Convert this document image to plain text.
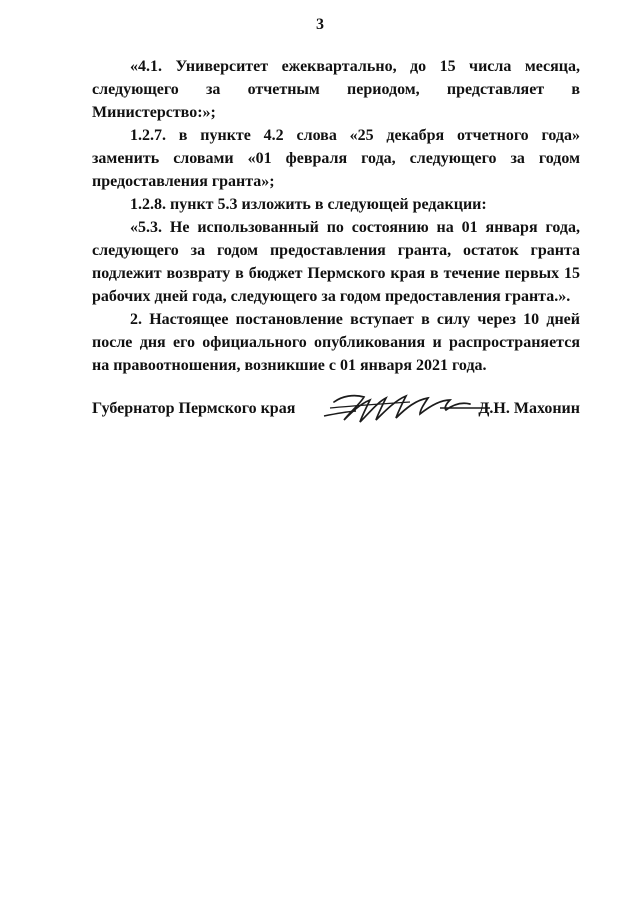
3

«4.1. Университет ежеквартально, до 15 числа месяца, следующего за отчетным периодом, представляет в Министерство:»;

1.2.7. в пункте 4.2 слова «25 декабря отчетного года» заменить словами «01 февраля года, следующего за годом предоставления гранта»;

1.2.8. пункт 5.3 изложить в следующей редакции:

«5.3. Не использованный по состоянию на 01 января года, следующего за годом предоставления гранта, остаток гранта подлежит возврату в бюджет Пермского края в течение первых 15 рабочих дней года, следующего за годом предоставления гранта.».

2. Настоящее постановление вступает в силу через 10 дней после дня его официального опубликования и распространяется на правоотношения, возникшие с 01 января 2021 года.

Губернатор Пермского края	Д.Н. Махонин
